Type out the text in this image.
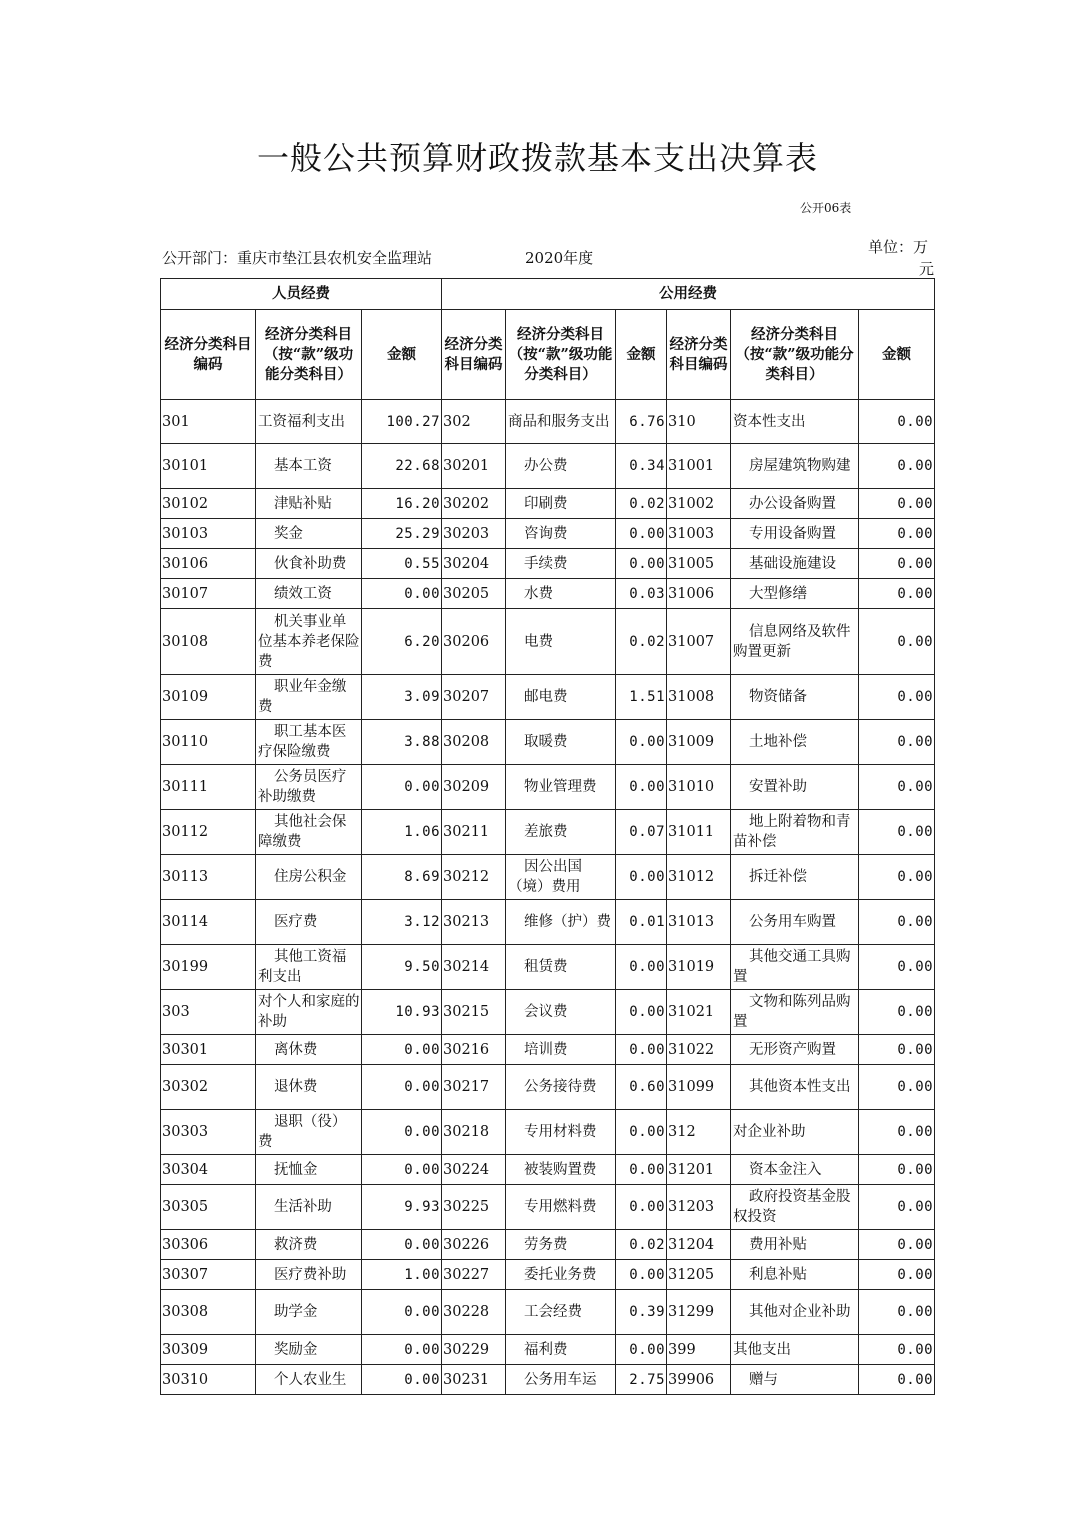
一般公共预算财政拨款基本支出决算表
公开06表
公开部门：重庆市垫江县农机安全监理站	2020年度
单位：万
元
人员经费			公用经费					
经济分类科目编码	经济分类科目（按“款”级功能分类科目）	金额	经济分类科目编码	经济分类科目（按“款”级功能分类科目）	金额	经济分类科目编码	经济分类科目（按“款”级功能分类科目）	金额
301	工资福利支出	100.27	302	商品和服务支出	6.76	310	资本性支出	0.00
30101	基本工资	22.68	30201	办公费	0.34	31001	房屋建筑物购建	0.00
30102	津贴补贴	16.20	30202	印刷费	0.02	31002	办公设备购置	0.00
30103	奖金	25.29	30203	咨询费	0.00	31003	专用设备购置	0.00
30106	伙食补助费	0.55	30204	手续费	0.00	31005	基础设施建设	0.00
30107	绩效工资	0.00	30205	水费	0.03	31006	大型修缮	0.00
30108	机关事业单位基本养老保险费	6.20	30206	电费	0.02	31007	信息网络及软件购置更新	0.00
30109	职业年金缴费	3.09	30207	邮电费	1.51	31008	物资储备	0.00
30110	职工基本医疗保险缴费	3.88	30208	取暖费	0.00	31009	土地补偿	0.00
30111	公务员医疗补助缴费	0.00	30209	物业管理费	0.00	31010	安置补助	0.00
30112	其他社会保障缴费	1.06	30211	差旅费	0.07	31011	地上附着物和青苗补偿	0.00
30113	住房公积金	8.69	30212	因公出国（境）费用	0.00	31012	拆迁补偿	0.00
30114	医疗费	3.12	30213	维修（护）费	0.01	31013	公务用车购置	0.00
30199	其他工资福利支出	9.50	30214	租赁费	0.00	31019	其他交通工具购置	0.00
303	对个人和家庭的补助	10.93	30215	会议费	0.00	31021	文物和陈列品购置	0.00
30301	离休费	0.00	30216	培训费	0.00	31022	无形资产购置	0.00
30302	退休费	0.00	30217	公务接待费	0.60	31099	其他资本性支出	0.00
30303	退职（役）费	0.00	30218	专用材料费	0.00	312	对企业补助	0.00
30304	抚恤金	0.00	30224	被装购置费	0.00	31201	资本金注入	0.00
30305	生活补助	9.93	30225	专用燃料费	0.00	31203	政府投资基金股权投资	0.00
30306	救济费	0.00	30226	劳务费	0.02	31204	费用补贴	0.00
30307	医疗费补助	1.00	30227	委托业务费	0.00	31205	利息补贴	0.00
30308	助学金	0.00	30228	工会经费	0.39	31299	其他对企业补助	0.00
30309	奖励金	0.00	30229	福利费	0.00	399	其他支出	0.00
30310	个人农业生	0.00	30231	公务用车运	2.75	39906	赠与	0.00
